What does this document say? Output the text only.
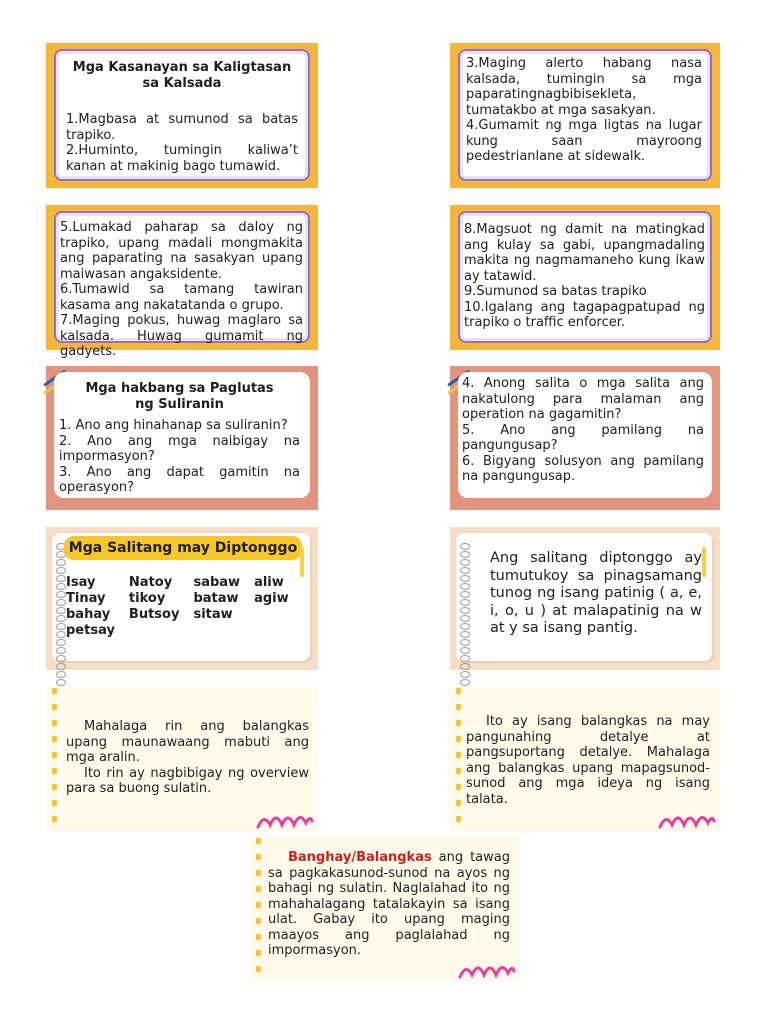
Mga Kasanayan sa Kaligtasan sa Kalsada

1.Magbasa at sumunod sa batas trapiko.

2.Huminto, tumingin kaliwa’t kanan at makinig bago tumawid.

3.Maging alerto habang nasa kalsada, tumingin sa mga paparatingnagbibisekleta, tumatakbo at mga sasakyan.

4.Gumamit ng mga ligtas na lugar kung saan mayroong pedestrianlane at sidewalk.

5.Lumakad paharap sa daloy ng trapiko, upang madali mongmakita ang paparating na sasakyan upang maiwasan angaksidente.

6.Tumawid sa tamang tawiran kasama ang nakatatanda o grupo.

7.Maging pokus, huwag maglaro sa kalsada. Huwag gumamit ng gadyets.

8.Magsuot ng damit na matingkad ang kulay sa gabi, upangmadaling makita ng nagmamaneho kung ikaw ay tatawid.

9.Sumunod sa batas trapiko

10.Igalang ang tagapagpatupad ng trapiko o traffic enforcer.

Mga hakbang sa Paglutas ng Suliranin

1. Ano ang hinahanap sa suliranin?

2. Ano ang mga naibigay na impormasyon?

3. Ano ang dapat gamitin na operasyon?

4. Anong salita o mga salita ang nakatulong para malaman ang operation na gagamitin?

5. Ano ang pamilang na pangungusap?

6. Bigyang solusyon ang pamilang na pangungusap.

Mga Salitang may Diptonggo
Isay	Natoy	sabaw	aliw
Tinay	tikoy	bataw	agiw
bahay	Butsoy	sitaw	
petsay			

Ang salitang diptonggo ay tumutukoy sa pinagsamang tunog ng isang patinig ( a, e, i, o, u ) at malapatinig na w at y sa isang pantig.

Mahalaga rin ang balangkas upang maunawaang mabuti ang mga aralin.

Ito rin ay nagbibigay ng overview para sa buong sulatin.

Ito ay isang balangkas na may pangunahing detalye at pangsuportang detalye. Mahalaga ang balangkas upang mapagsunod-sunod ang mga ideya ng isang talata.

Banghay/Balangkas ang tawag sa pagkakasunod-sunod na ayos ng bahagi ng sulatin. Naglalahad ito ng mahahalagang tatalakayin sa isang ulat. Gabay ito upang maging maayos ang paglalahad ng impormasyon.
